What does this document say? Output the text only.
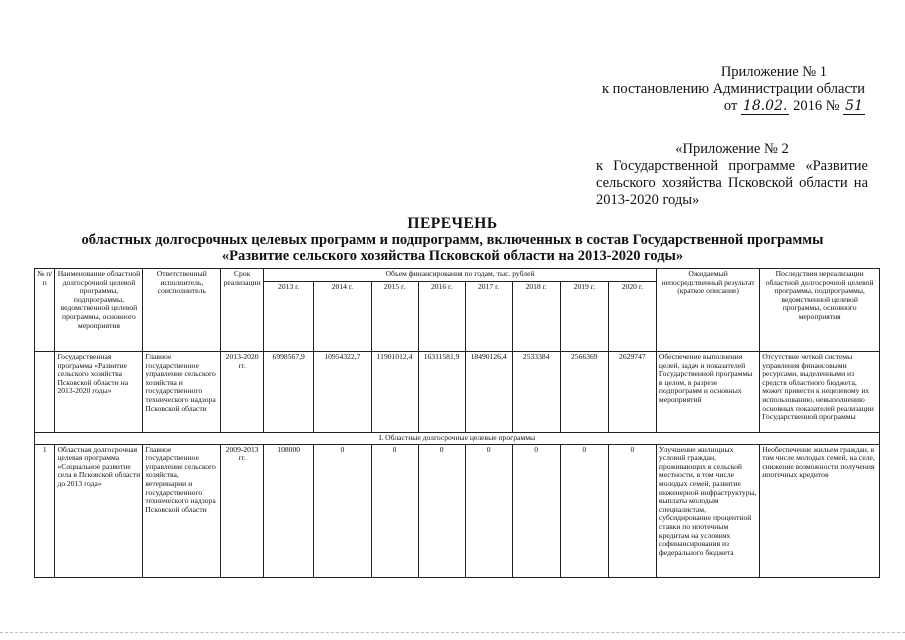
Приложение № 1
к постановлению Администрации области
от 18.02. 2016 № 51
«Приложение № 2
к Государственной программе «Развитие сельского хозяйства Псковской области на 2013-2020 годы»
ПЕРЕЧЕНЬ
областных долгосрочных целевых программ и подпрограмм, включенных в состав Государственной программы
«Развитие сельского хозяйства Псковской области на 2013-2020 годы»
№ п/п	Наименование областной долгосрочной целевой программы, подпрограммы, ведомственной целевой программы, основного мероприятия	Ответственный исполнитель, соисполнитель	Срок реализации	Объем финансирования по годам, тыс. рублей								Ожидаемый непосредственный результат (краткое описание)	Последствия нереализации областной долгосрочной целевой программы, подпрограммы, ведомственной целевой программы, основного мероприятия
				2013 г.	2014 г.	2015 г.	2016 г.	2017 г.	2018 г.	2019 г.	2020 г.		
	Государственная программа «Развитие сельского хозяйства Псковской области на 2013-2020 годы»	Главное государственное управление сельского хозяйства и государственного технического надзора Псковской области	2013-2020 гг.	6998567,9	10954322,7	11901012,4	16311581,9	18490126,4	2533384	2566369	2629747	Обеспечение выполнения целей, задач и показателей Государственной программы в целом, в разрезе подпрограмм и основных мероприятий	Отсутствие четкой системы управления финансовыми ресурсами, выделенными из средств областного бюджета, может привести к нецелевому их использованию, невыполнению основных показателей реализации Государственной программы
I. Областные долгосрочные целевые программы													
1	Областная долгосрочная целевая программа «Социальное развитие села в Псковской области до 2013 года»	Главное государственное управление сельского хозяйства, ветеринарии и государственного технического надзора Псковской области	2009-2013 гг.	108000	0	0	0	0	0	0	0	Улучшение жилищных условий граждан, проживающих в сельской местности, в том числе молодых семей, развитие инженерной инфраструктуры, выплаты молодым специалистам, субсидирование процентной ставки по ипотечным кредитам на условиях софинансирования из федерального бюджета	Необеспечение жильем граждан, в том числе молодых семей, на селе, снижение возможности получения ипотечных кредитов
